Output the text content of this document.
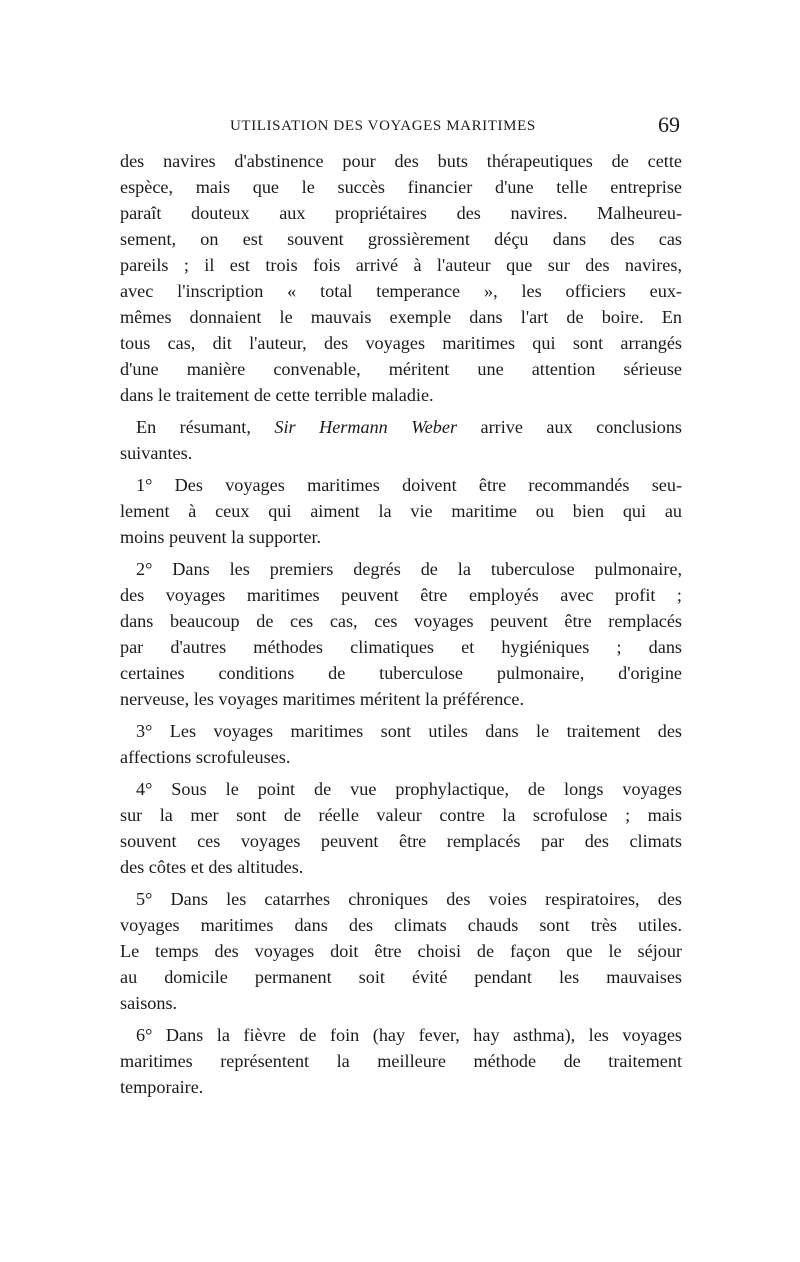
UTILISATION DES VOYAGES MARITIMES	69
des navires d'abstinence pour des buts thérapeutiques de cette
espèce, mais que le succès financier d'une telle entreprise
paraît douteux aux propriétaires des navires. Malheureu-
sement, on est souvent grossièrement déçu dans des cas
pareils ; il est trois fois arrivé à l'auteur que sur des navires,
avec l'inscription « total temperance », les officiers eux-
mêmes donnaient le mauvais exemple dans l'art de boire. En
tous cas, dit l'auteur, des voyages maritimes qui sont arrangés
d'une manière convenable, méritent une attention sérieuse
dans le traitement de cette terrible maladie.
En résumant, Sir Hermann Weber arrive aux conclusions
suivantes.
1° Des voyages maritimes doivent être recommandés seu-
lement à ceux qui aiment la vie maritime ou bien qui au
moins peuvent la supporter.
2° Dans les premiers degrés de la tuberculose pulmonaire,
des voyages maritimes peuvent être employés avec profit ;
dans beaucoup de ces cas, ces voyages peuvent être remplacés
par d'autres méthodes climatiques et hygiéniques ; dans
certaines conditions de tuberculose pulmonaire, d'origine
nerveuse, les voyages maritimes méritent la préférence.
3° Les voyages maritimes sont utiles dans le traitement des
affections scrofuleuses.
4° Sous le point de vue prophylactique, de longs voyages
sur la mer sont de réelle valeur contre la scrofulose ; mais
souvent ces voyages peuvent être remplacés par des climats
des côtes et des altitudes.
5° Dans les catarrhes chroniques des voies respiratoires, des
voyages maritimes dans des climats chauds sont très utiles.
Le temps des voyages doit être choisi de façon que le séjour
au domicile permanent soit évité pendant les mauvaises
saisons.
6° Dans la fièvre de foin (hay fever, hay asthma), les voyages
maritimes représentent la meilleure méthode de traitement
temporaire.
